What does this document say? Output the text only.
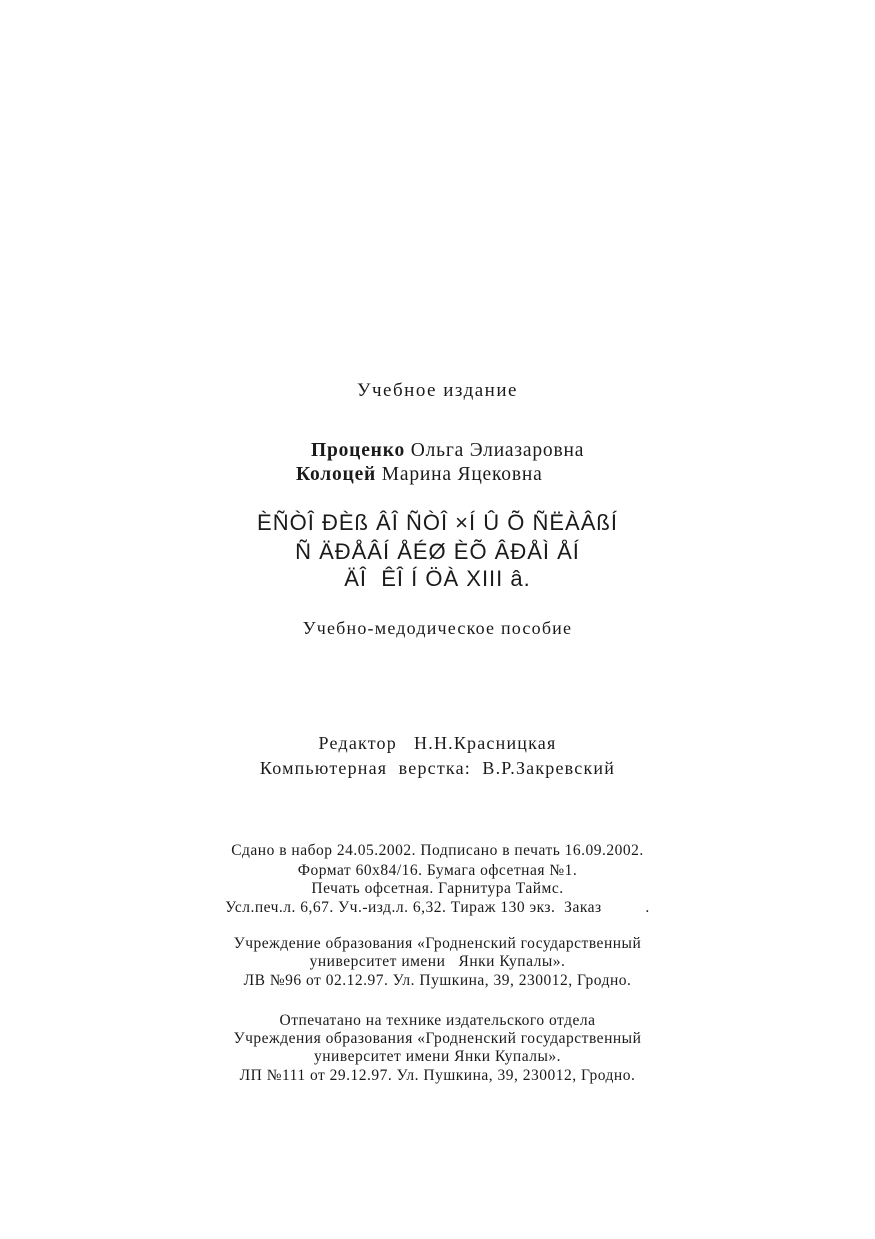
Учебное издание
Проценко Ольга Элиазаровна
Колоцей Марина Яцековна
ÈÑÒÎ ÐÈß ÂÎ ÑÒÎ ×Í Û Õ ÑËÀÂßÍ
Ñ ÄÐÅÂÍ ÅÉØ ÈÕ ÂÐÅÌ ÅÍ
ÄÎ  ÊÎ Í ÖÀ XIII â.
Учебно-медодическое пособие
Редактор   Н.Н.Красницкая
Компьютерная  верстка:  В.Р.Закревский
Сдано в набор 24.05.2002. Подписано в печать 16.09.2002.
Формат 60х84/16. Бумага офсетная №1.
Печать офсетная. Гарнитура Таймс.
Усл.печ.л. 6,67. Уч.-изд.л. 6,32. Тираж 130 экз.  Заказ          .
Учреждение образования «Гродненский государственный
университет имени   Янки Купалы».
ЛВ №96 от 02.12.97. Ул. Пушкина, 39, 230012, Гродно.
Отпечатано на технике издательского отдела
Учреждения образования «Гродненский государственный
университет имени Янки Купалы».
ЛП №111 от 29.12.97. Ул. Пушкина, 39, 230012, Гродно.
